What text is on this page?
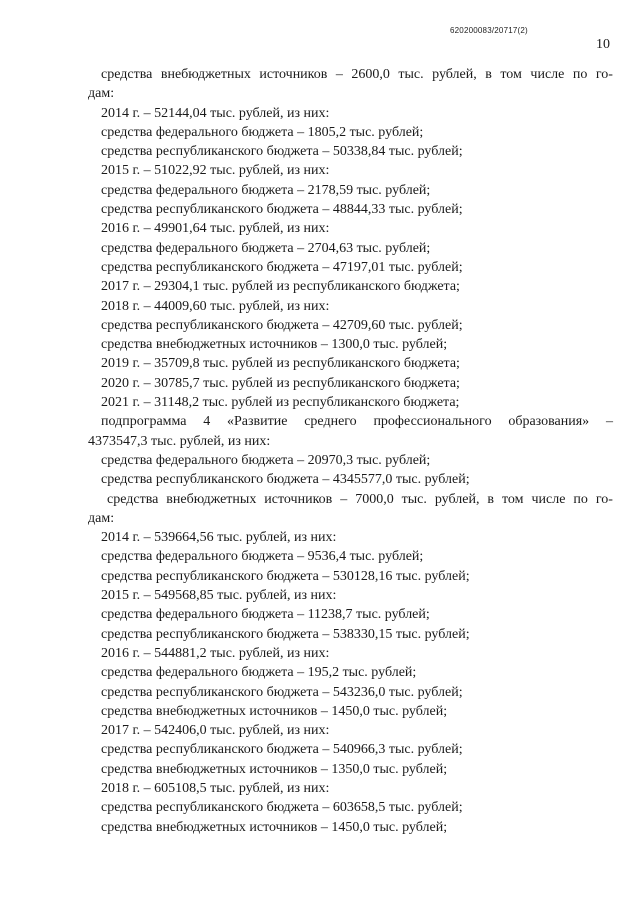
620200083/20717(2)
10
средства внебюджетных источников – 2600,0 тыс. рублей, в том числе по го-
дам:
2014 г. – 52144,04 тыс. рублей, из них:
средства федерального бюджета – 1805,2 тыс. рублей;
средства республиканского бюджета – 50338,84 тыс. рублей;
2015 г. – 51022,92 тыс. рублей, из них:
средства федерального бюджета – 2178,59 тыс. рублей;
средства республиканского бюджета – 48844,33 тыс. рублей;
2016 г. – 49901,64 тыс. рублей, из них:
средства федерального бюджета – 2704,63 тыс. рублей;
средства республиканского бюджета – 47197,01 тыс. рублей;
2017 г. – 29304,1 тыс. рублей из республиканского бюджета;
2018 г. – 44009,60 тыс. рублей, из них:
средства республиканского бюджета – 42709,60 тыс. рублей;
средства внебюджетных источников – 1300,0 тыс. рублей;
2019 г. – 35709,8 тыс. рублей из республиканского бюджета;
2020 г. – 30785,7 тыс. рублей из республиканского бюджета;
2021 г. – 31148,2 тыс. рублей из республиканского бюджета;
подпрограмма 4 «Развитие среднего профессионального образования» –
4373547,3 тыс. рублей, из них:
средства федерального бюджета – 20970,3 тыс. рублей;
средства республиканского бюджета – 4345577,0 тыс. рублей;
средства внебюджетных источников – 7000,0 тыс. рублей, в том числе по го-
дам:
2014 г. – 539664,56 тыс. рублей, из них:
средства федерального бюджета – 9536,4 тыс. рублей;
средства республиканского бюджета – 530128,16 тыс. рублей;
2015 г. – 549568,85 тыс. рублей, из них:
средства федерального бюджета – 11238,7 тыс. рублей;
средства республиканского бюджета – 538330,15 тыс. рублей;
2016 г. – 544881,2 тыс. рублей, из них:
средства федерального бюджета – 195,2 тыс. рублей;
средства республиканского бюджета – 543236,0 тыс. рублей;
средства внебюджетных источников – 1450,0 тыс. рублей;
2017 г. – 542406,0 тыс. рублей, из них:
средства республиканского бюджета – 540966,3 тыс. рублей;
средства внебюджетных источников – 1350,0 тыс. рублей;
2018 г. – 605108,5 тыс. рублей, из них:
средства республиканского бюджета – 603658,5 тыс. рублей;
средства внебюджетных источников – 1450,0 тыс. рублей;
